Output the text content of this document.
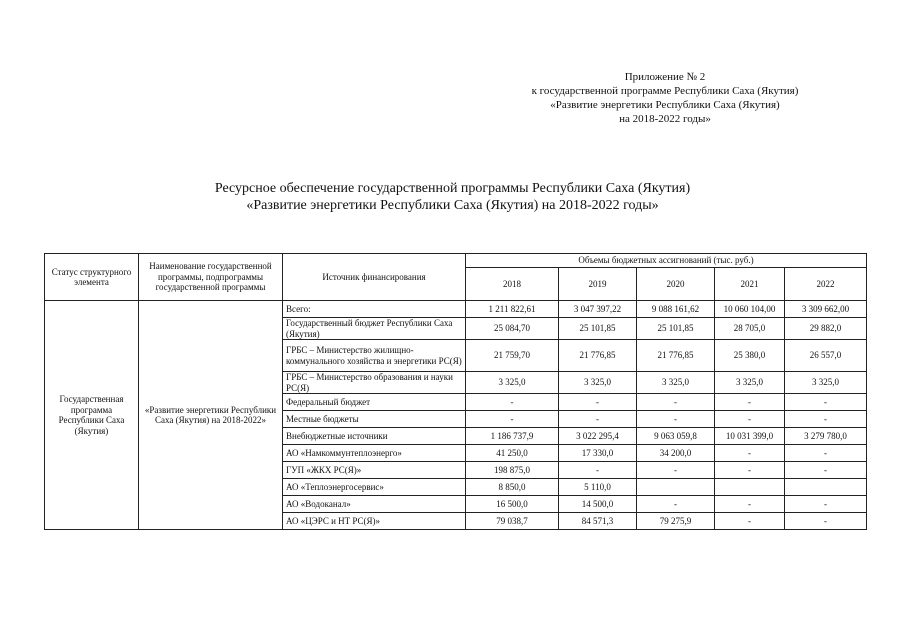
Приложение № 2
к государственной программе Республики Саха (Якутия)
«Развитие энергетики Республики Саха (Якутия)
на 2018-2022 годы»
Ресурсное обеспечение государственной программы Республики Саха (Якутия)
«Развитие энергетики Республики Саха (Якутия) на 2018-2022 годы»
Статус структурного элемента	Наименование государственной программы, подпрограммы государственной программы	Источник финансирования	Объемы бюджетных ассигнований (тыс. руб.)				
			2018	2019	2020	2021	2022
Государственная программа Республики Саха (Якутия)	«Развитие энергетики Республики Саха (Якутия) на 2018-2022»	Всего:	1 211 822,61	3 047 397,22	9 088 161,62	10 060 104,00	3 309 662,00
		Государственный бюджет Республики Саха (Якутия)	25 084,70	25 101,85	25 101,85	28 705,0	29 882,0
		ГРБС – Министерство жилищно-коммунального хозяйства и энергетики РС(Я)	21 759,70	21 776,85	21 776,85	25 380,0	26 557,0
		ГРБС – Министерство образования и науки РС(Я)	3 325,0	3 325,0	3 325,0	3 325,0	3 325,0
		Федеральный бюджет	-	-	-	-	-
		Местные бюджеты	-	-	-	-	-
		Внебюджетные источники	1 186 737,9	3 022 295,4	9 063 059,8	10 031 399,0	3 279 780,0
		АО «Намкоммунтеплоэнерго»	41 250,0	17 330,0	34 200,0	-	-
		ГУП «ЖКХ РС(Я)»	198 875,0	-	-	-	-
		АО «Теплоэнергосервис»	8 850,0	5 110,0			
		АО «Водоканал»	16 500,0	14 500,0	-	-	-
		АО «ЦЭРС и НТ РС(Я)»	79 038,7	84 571,3	79 275,9	-	-
